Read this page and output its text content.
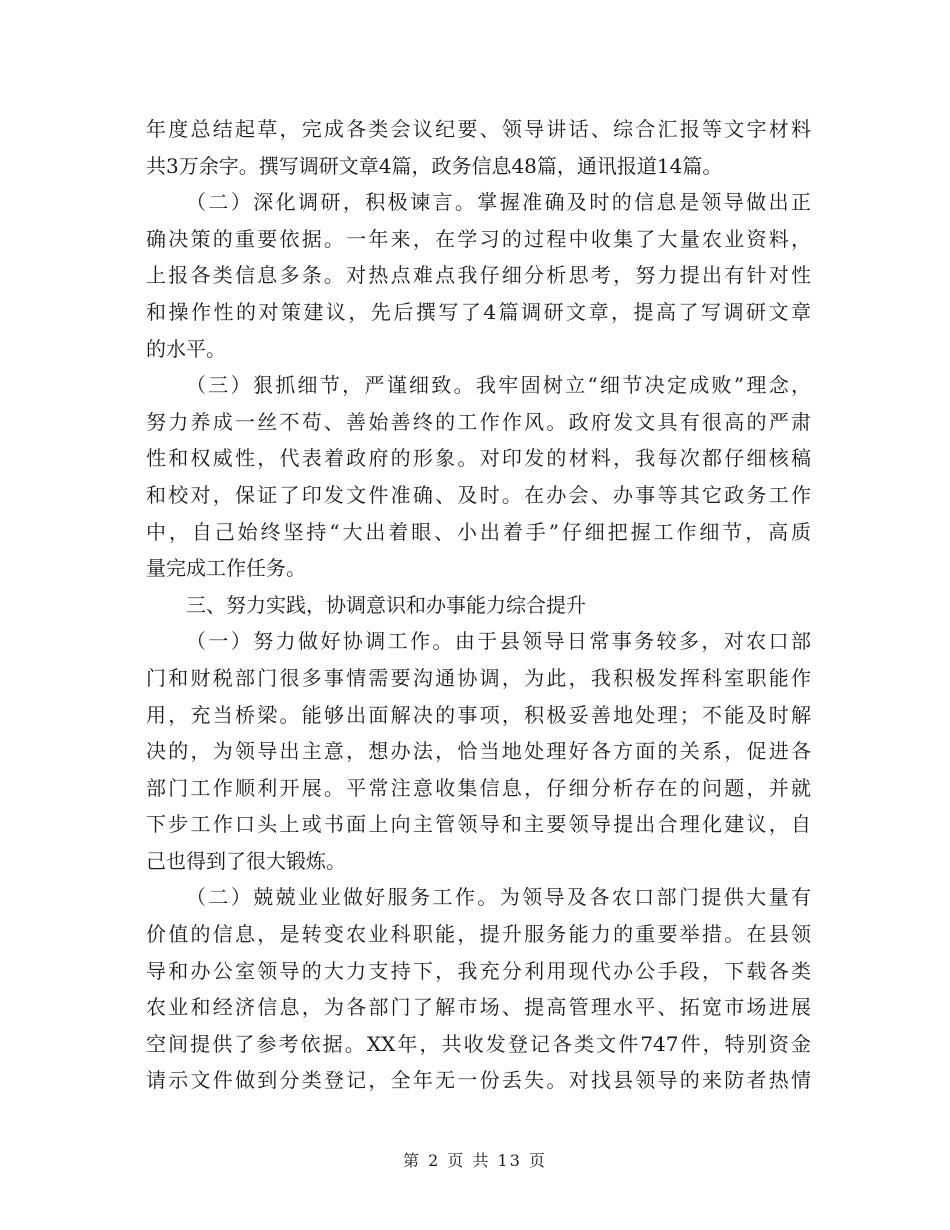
年度总结起草，完成各类会议纪要、领导讲话、综合汇报等文字材料
共3万余字。撰写调研文章4篇，政务信息48篇，通讯报道14篇。
（二）深化调研，积极谏言。掌握准确及时的信息是领导做出正
确决策的重要依据。一年来，在学习的过程中收集了大量农业资料，
上报各类信息多条。对热点难点我仔细分析思考，努力提出有针对性
和操作性的对策建议，先后撰写了4篇调研文章，提高了写调研文章
的水平。
（三）狠抓细节，严谨细致。我牢固树立“细节决定成败”理念，
努力养成一丝不苟、善始善终的工作作风。政府发文具有很高的严肃
性和权威性，代表着政府的形象。对印发的材料，我每次都仔细核稿
和校对，保证了印发文件准确、及时。在办会、办事等其它政务工作
中，自己始终坚持“大出着眼、小出着手”仔细把握工作细节，高质
量完成工作任务。
三、努力实践，协调意识和办事能力综合提升
（一）努力做好协调工作。由于县领导日常事务较多，对农口部
门和财税部门很多事情需要沟通协调，为此，我积极发挥科室职能作
用，充当桥梁。能够出面解决的事项，积极妥善地处理；不能及时解
决的，为领导出主意，想办法，恰当地处理好各方面的关系，促进各
部门工作顺利开展。平常注意收集信息，仔细分析存在的问题，并就
下步工作口头上或书面上向主管领导和主要领导提出合理化建议，自
己也得到了很大锻炼。
（二）兢兢业业做好服务工作。为领导及各农口部门提供大量有
价值的信息，是转变农业科职能，提升服务能力的重要举措。在县领
导和办公室领导的大力支持下，我充分利用现代办公手段，下载各类
农业和经济信息，为各部门了解市场、提高管理水平、拓宽市场进展
空间提供了参考依据。XX年，共收发登记各类文件747件，特别资金
请示文件做到分类登记，全年无一份丢失。对找县领导的来防者热情
第 2 页 共 13 页
